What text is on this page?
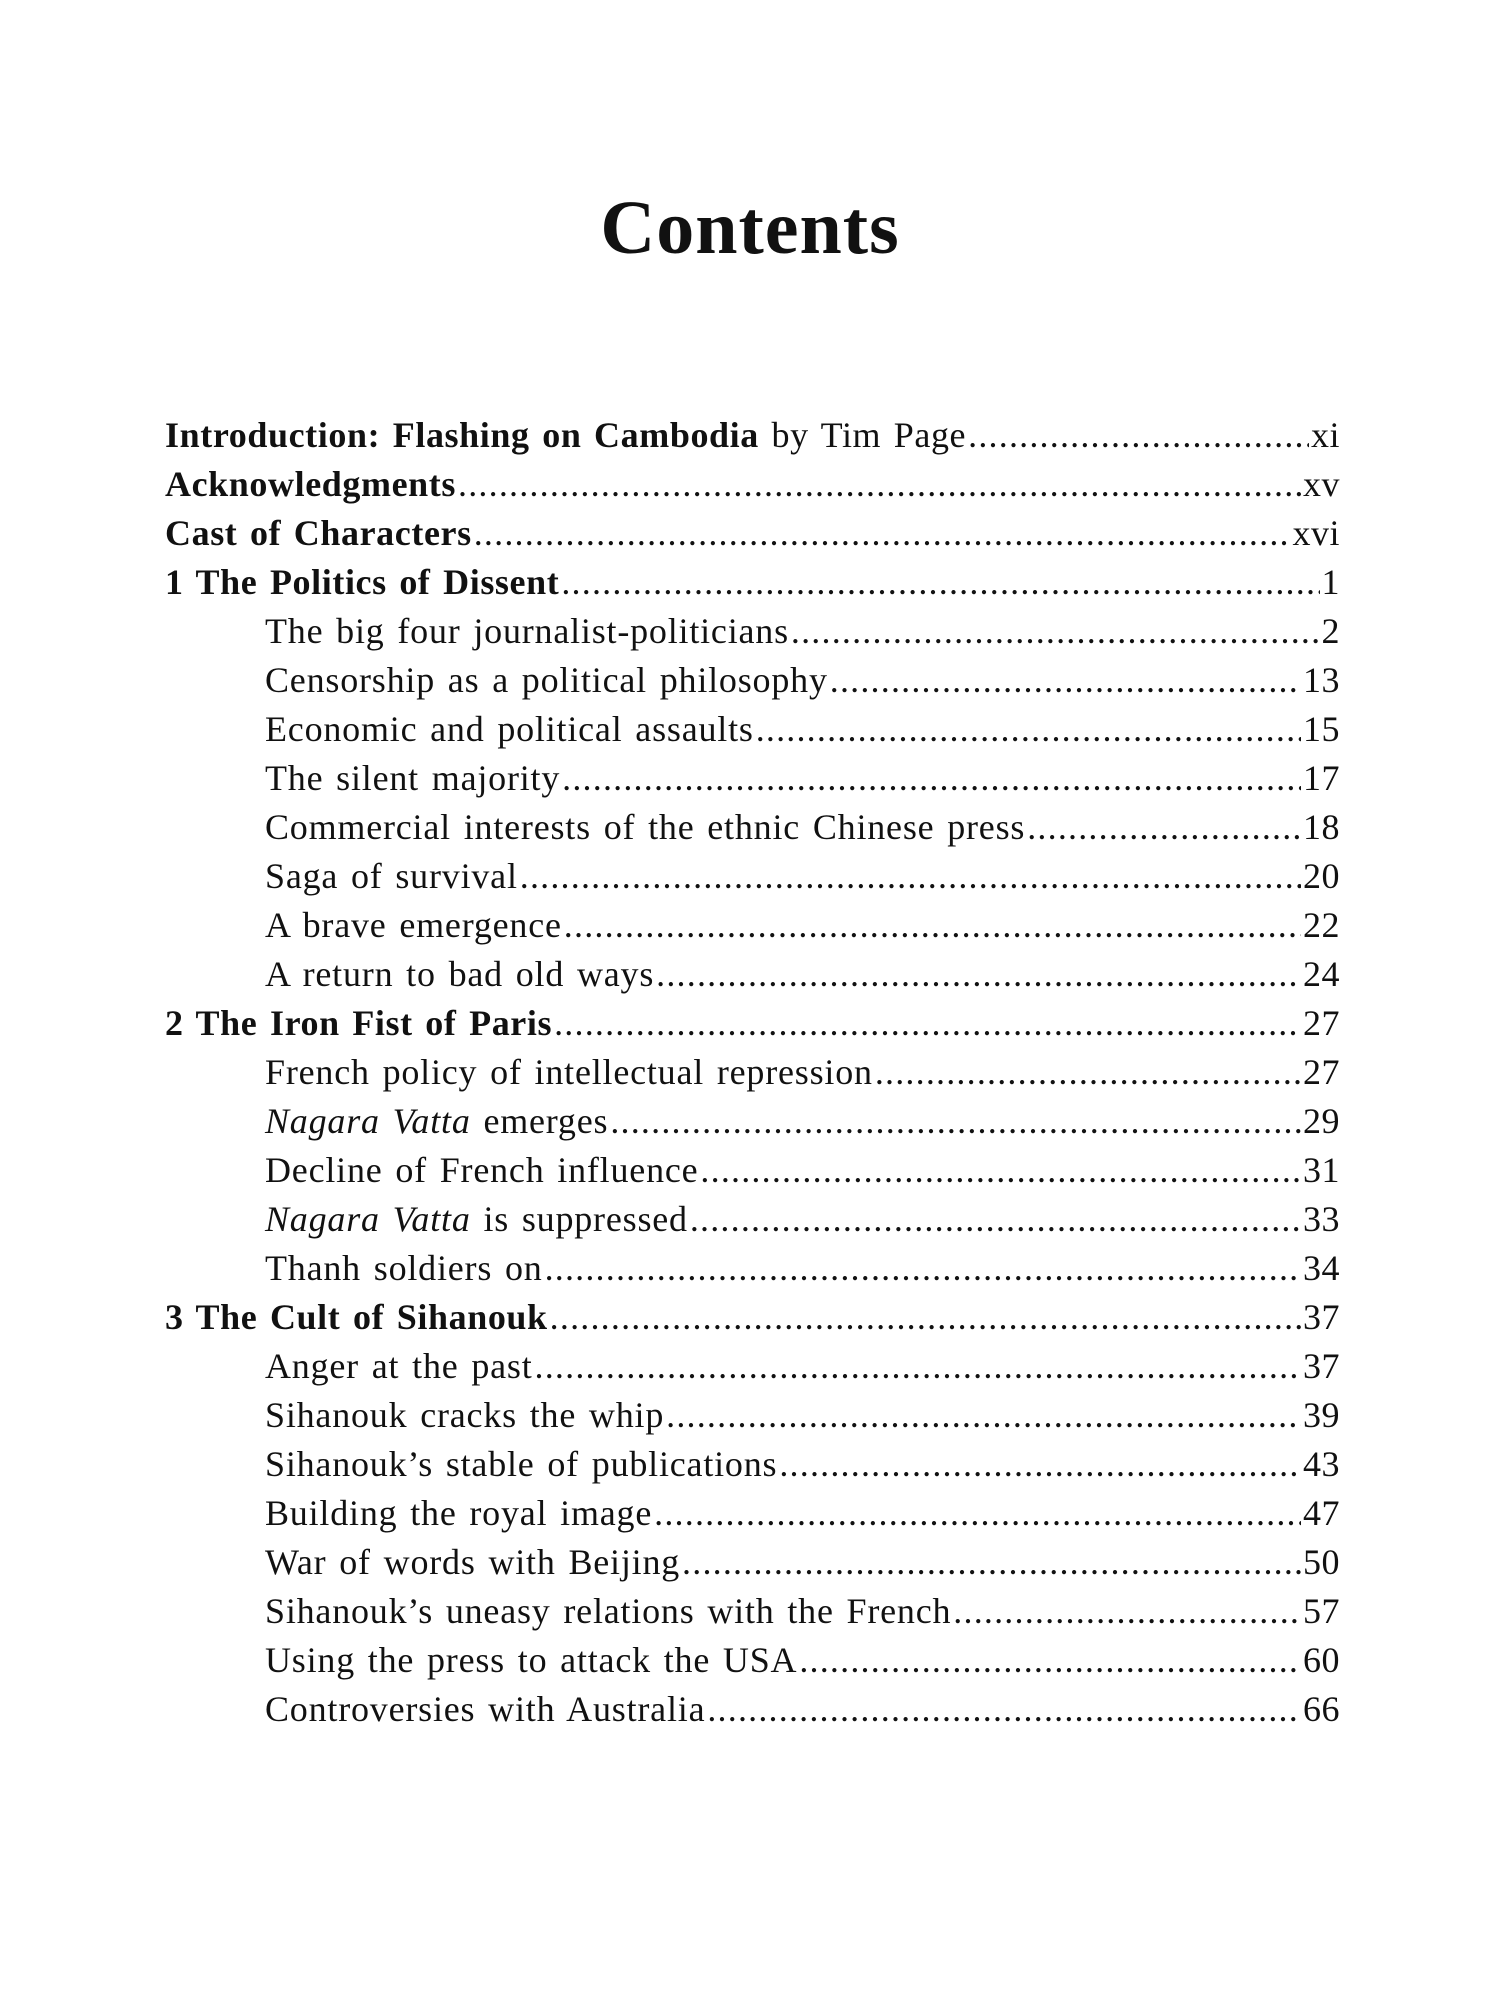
Contents
Introduction: Flashing on Cambodia by Tim Page .....	xi
Acknowledgments .....	xv
Cast of Characters .....	xvi
1 The Politics of Dissent .....	1
The big four journalist-politicians .....	2
Censorship as a political philosophy .....	13
Economic and political assaults .....	15
The silent majority .....	17
Commercial interests of the ethnic Chinese press .....	18
Saga of survival .....	20
A brave emergence .....	22
A return to bad old ways .....	24
2 The Iron Fist of Paris .....	27
French policy of intellectual repression .....	27
Nagara Vatta emerges .....	29
Decline of French influence .....	31
Nagara Vatta is suppressed .....	33
Thanh soldiers on .....	34
3 The Cult of Sihanouk .....	37
Anger at the past .....	37
Sihanouk cracks the whip .....	39
Sihanouk’s stable of publications .....	43
Building the royal image .....	47
War of words with Beijing .....	50
Sihanouk’s uneasy relations with the French .....	57
Using the press to attack the USA .....	60
Controversies with Australia .....	66
